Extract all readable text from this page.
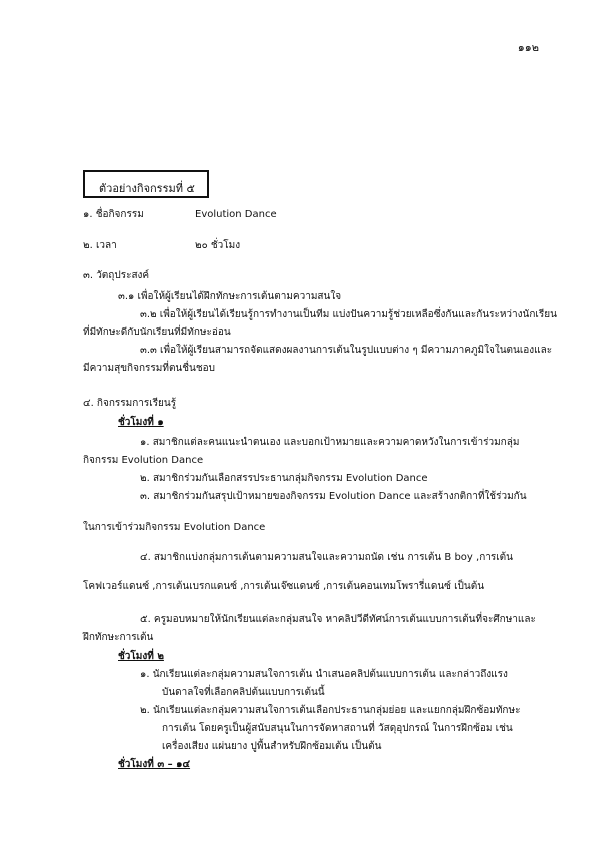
๑๑๒
ตัวอย่างกิจกรรมที่ ๕
๑. ชื่อกิจกรรม	Evolution Dance
๒. เวลา	๒๐ ชั่วโมง
๓. วัตถุประสงค์
๓.๑ เพื่อให้ผู้เรียนได้ฝึกทักษะการเต้นตามความสนใจ
๓.๒ เพื่อให้ผู้เรียนได้เรียนรู้การทำงานเป็นทีม แบ่งปันความรู้ช่วยเหลือซึ่งกันและกันระหว่างนักเรียน
ที่มีทักษะดีกับนักเรียนที่มีทักษะอ่อน
๓.๓ เพื่อให้ผู้เรียนสามารถจัดแสดงผลงานการเต้นในรูปแบบต่าง ๆ มีความภาคภูมิใจในตนเองและ
มีความสุขกิจกรรมที่ตนชื่นชอบ
๔. กิจกรรมการเรียนรู้
ชั่วโมงที่ ๑
๑. สมาชิกแต่ละคนแนะนำตนเอง และบอกเป้าหมายและความคาดหวังในการเข้าร่วมกลุ่ม
กิจกรรม Evolution Dance
๒. สมาชิกร่วมกันเลือกสรรประธานกลุ่มกิจกรรม Evolution Dance
๓. สมาชิกร่วมกันสรุปเป้าหมายของกิจกรรม Evolution Dance และสร้างกติกาที่ใช้ร่วมกัน
ในการเข้าร่วมกิจกรรม Evolution Dance
๔. สมาชิกแบ่งกลุ่มการเต้นตามความสนใจและความถนัด เช่น การเต้น B boy ,การเต้น
โคฟเวอร์แดนซ์ ,การเต้นเบรกแดนซ์ ,การเต้นเจ๊ซแดนซ์ ,การเต้นคอนเทมโพรารี่แดนซ์ เป็นต้น
๕. ครูมอบหมายให้นักเรียนแต่ละกลุ่มสนใจ หาคลิปวีดีทัศน์การเต้นแบบการเต้นที่จะศึกษาและ
ฝึกทักษะการเต้น
ชั่วโมงที่ ๒
๑. นักเรียนแต่ละกลุ่มความสนใจการเต้น นำเสนอคลิปต้นแบบการเต้น และกล่าวถึงแรง
บันดาลใจที่เลือกคลิปต้นแบบการเต้นนี้
๒. นักเรียนแต่ละกลุ่มความสนใจการเต้นเลือกประธานกลุ่มย่อย และแยกกลุ่มฝึกซ้อมทักษะ
การเต้น โดยครูเป็นผู้สนับสนุนในการจัดหาสถานที่ วัสดุอุปกรณ์ ในการฝึกซ้อม เช่น
เครื่องเสียง แผ่นยาง ปูพื้นสำหรับฝึกซ้อมเต้น เป็นต้น
ชั่วโมงที่ ๓ – ๑๔
